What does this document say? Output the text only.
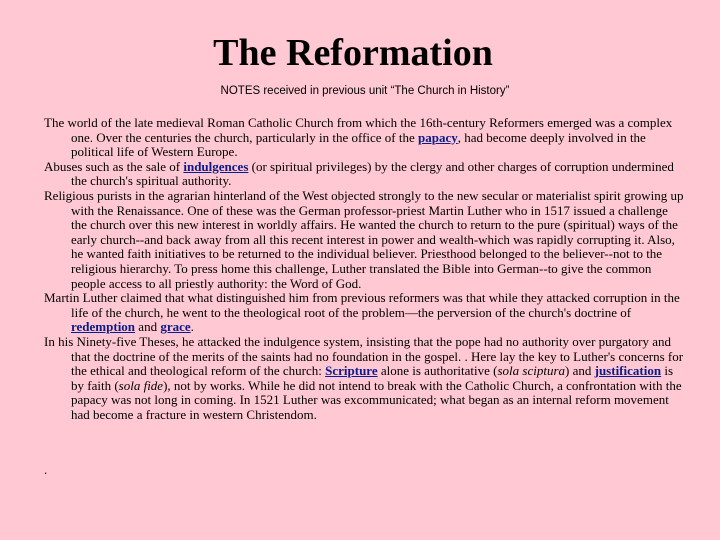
The Reformation
NOTES received in previous unit “The Church in History”

The world of the late medieval Roman Catholic Church from which the 16th-century Reformers emerged was a complex one. Over the centuries the church, particularly in the office of the papacy, had become deeply involved in the political life of Western Europe.

Abuses such as the sale of indulgences (or spiritual privileges) by the clergy and other charges of corruption undermined the church's spiritual authority.

Religious purists in the agrarian hinterland of the West objected strongly to the new secular or materialist spirit growing up with the Renaissance. One of these was the German professor-priest Martin Luther who in 1517 issued a challenge the church over this new interest in worldly affairs. He wanted the church to return to the pure (spiritual) ways of the early church--and back away from all this recent interest in power and wealth-which was rapidly corrupting it. Also, he wanted faith initiatives to be returned to the individual believer. Priesthood belonged to the believer--not to the religious hierarchy. To press home this challenge, Luther translated the Bible into German--to give the common people access to all priestly authority: the Word of God.

Martin Luther claimed that what distinguished him from previous reformers was that while they attacked corruption in the life of the church, he went to the theological root of the problem—the perversion of the church's doctrine of redemption and grace.

In his Ninety-five Theses, he attacked the indulgence system, insisting that the pope had no authority over purgatory and that the doctrine of the merits of the saints had no foundation in the gospel. . Here lay the key to Luther's concerns for the ethical and theological reform of the church: Scripture alone is authoritative (sola sciptura) and justification is by faith (sola fide), not by works. While he did not intend to break with the Catholic Church, a confrontation with the papacy was not long in coming. In 1521 Luther was excommunicated; what began as an internal reform movement had become a fracture in western Christendom.

.
